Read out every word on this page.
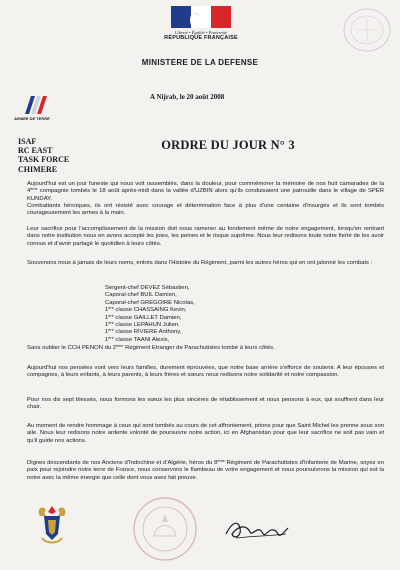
Liberté • Égalité • Fraternité
RÉPUBLIQUE FRANÇAISE
MINISTERE DE LA DEFENSE
A Nijrab, le 20 août 2008
ARMEE DE TERRE
ISAF
RC EAST
TASK FORCE
CHIMERE
ORDRE DU JOUR N° 3

Aujourd'hui est un jour funeste qui nous voit rassemblés, dans la douleur, pour commémorer la mémoire de nos huit camarades de la 4ème compagnie tombés le 18 août après-midi dans la vallée d'UZBIN alors qu'ils conduisaient une patrouille dans le village de SPER KUNDAY.

Combattants héroïques, ils ont résisté avec courage et détermination face à plus d'une centaine d'insurgés et ils sont tombés courageusement les armes à la main.

Leur sacrifice pour l'accomplissement de la mission doit nous ramener au fondement même de notre engagement, lorsqu'en rentrant dans notre institution nous en avons accepté les joies, les peines et le risque suprême. Nous leur redisons toute notre fierté de les avoir connus et d'avoir partagé le quotidien à leurs côtés.
Souvenons nous à jamais de leurs noms, entrés dans l'Histoire du Régiment, parmi les autres héros qui en ont jalonné les combats :
Sergent-chef DEVEZ Sébastien,
Caporal-chef BUIL Damien,
Caporal-chef GREGOIRE Nicolas,
1ère classe CHASSAING Kevin,
1ère classe GAILLET Damien,
1ère classe LEPAHUN Julien.
1ère classe RIVIERE Anthony,
1ère classe TAANI Alexis,
Sans oublier le CCH PENON du 2ème Régiment Etranger de Parachutistes tombé à leurs côtés.
Aujourd'hui nos pensées vont vers leurs familles, durement éprouvées, que notre base arrière s'efforce de soutenir. A leur épouses et compagnes, à leurs enfants, à leurs parents, à leurs frères et sœurs nous redisons notre solidarité et notre compassion.
Pour nos dix sept blessés, nous formons les vœux les plus sincères de rétablissement et nous pensons à eux, qui souffrent dans leur chair.
Au moment de rendre hommage à ceux qui sont tombés au cours de cet affrontement, prions pour que Saint Michel les prenne sous son aile. Nous leur redisons notre ardente volonté de poursuivre notre action, ici en Afghanistan pour que leur sacrifice ne soit pas vain et qu'il guide nos actions.
Dignes descendants de nos Anciens d'Indochine et d'Algérie, héros du 8ème Régiment de Parachutistes d'Infanterie de Marine, soyez en paix pour rejoindre notre terre de France, nous conservons le flambeau de votre engagement et nous poursuivrons la mission qui est la notre avec la même énergie que celle dont vous avez fait preuve.
